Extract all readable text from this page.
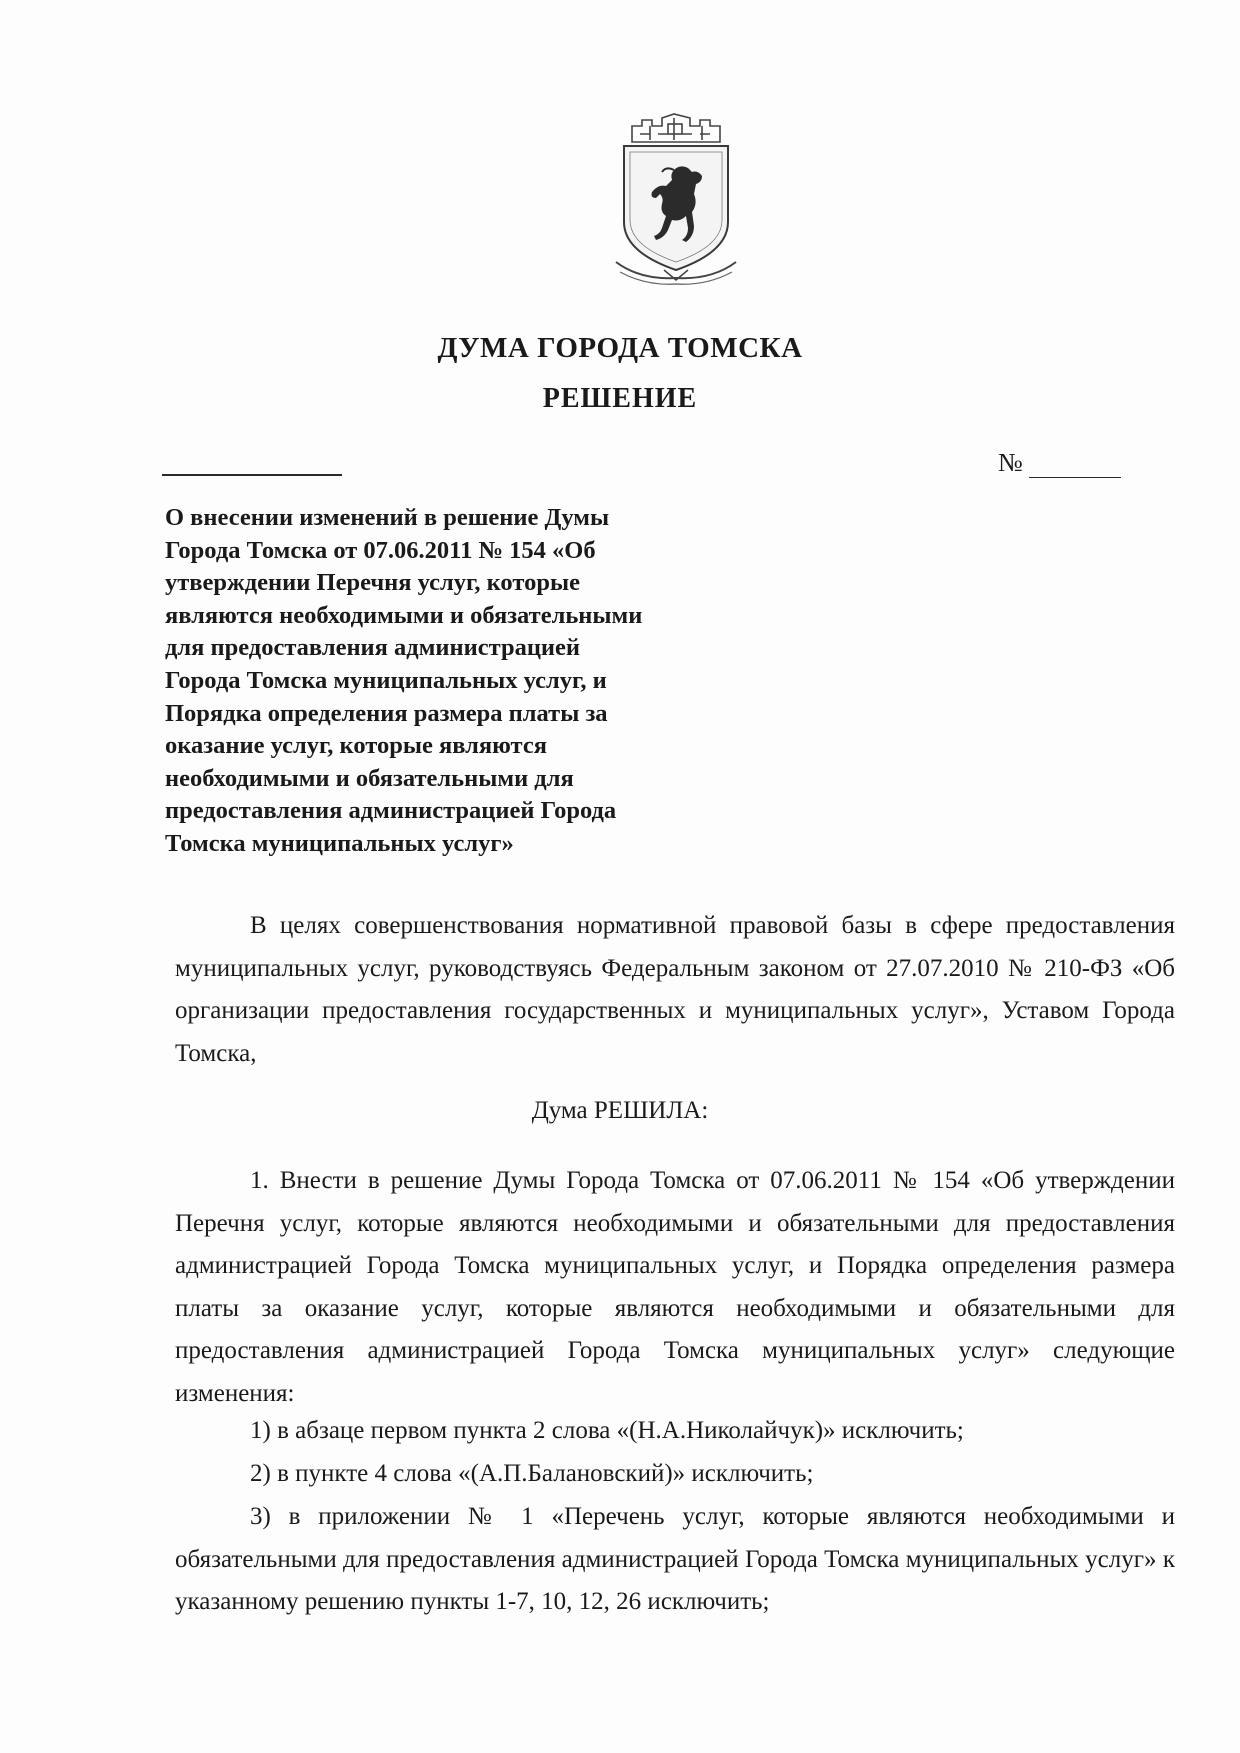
ДУМА ГОРОДА ТОМСКА
РЕШЕНИЕ
№
О внесении изменений в решение Думы
Города Томска от 07.06.2011 № 154 «Об
утверждении Перечня услуг, которые
являются необходимыми и обязательными
для предоставления администрацией
Города Томска муниципальных услуг, и
Порядка определения размера платы за
оказание услуг, которые являются
необходимыми и обязательными для
предоставления администрацией Города
Томска муниципальных услуг»
В целях совершенствования нормативной правовой базы в сфере предоставления муниципальных услуг, руководствуясь Федеральным законом от 27.07.2010 № 210-ФЗ «Об организации предоставления государственных и муниципальных услуг», Уставом Города Томска,
Дума РЕШИЛА:
1. Внести в решение Думы Города Томска от 07.06.2011 № 154 «Об утверждении Перечня услуг, которые являются необходимыми и обязательными для предоставления администрацией Города Томска муниципальных услуг, и Порядка определения размера платы за оказание услуг, которые являются необходимыми и обязательными для предоставления администрацией Города Томска муниципальных услуг» следующие изменения:
1) в абзаце первом пункта 2 слова «(Н.А.Николайчук)» исключить;
2) в пункте 4 слова «(А.П.Балановский)» исключить;
3) в приложении № 1 «Перечень услуг, которые являются необходимыми и обязательными для предоставления администрацией Города Томска муниципальных услуг» к указанному решению пункты 1-7, 10, 12, 26 исключить;
